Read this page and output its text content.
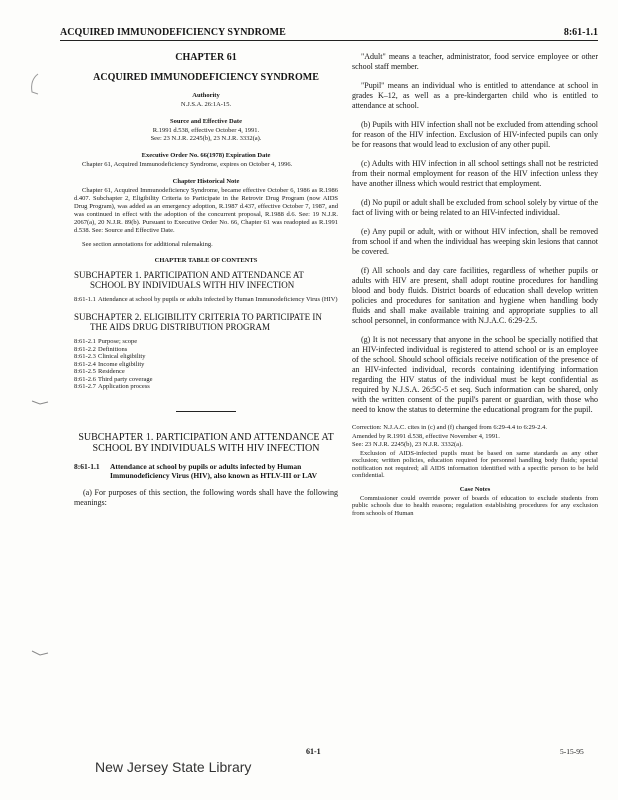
ACQUIRED IMMUNODEFICIENCY SYNDROME	8:61-1.1

CHAPTER 61

ACQUIRED IMMUNODEFICIENCY SYNDROME

Authority

N.J.S.A. 26:1A-15.

Source and Effective Date

R.1991 d.538, effective October 4, 1991.

See: 23 N.J.R. 2245(b), 23 N.J.R. 3332(a).

Executive Order No. 66(1978) Expiration Date

Chapter 61, Acquired Immunodeficiency Syndrome, expires on October 4, 1996.

Chapter Historical Note

Chapter 61, Acquired Immunodeficiency Syndrome, became effective October 6, 1986 as R.1986 d.407. Subchapter 2, Eligibility Criteria to Participate in the Retrovir Drug Program (now AIDS Drug Program), was added as an emergency adoption, R.1987 d.437, effective October 7, 1987, and was continued in effect with the adoption of the concurrent proposal, R.1988 d.6. See: 19 N.J.R. 2067(a), 20 N.J.R. 89(b). Pursuant to Executive Order No. 66, Chapter 61 was readopted as R.1991 d.538. See: Source and Effective Date.

See section annotations for additional rulemaking.

CHAPTER TABLE OF CONTENTS

SUBCHAPTER 1. PARTICIPATION AND ATTENDANCE AT SCHOOL BY INDIVIDUALS WITH HIV INFECTION

8:61-1.1 Attendance at school by pupils or adults infected by Human Immunodeficiency Virus (HIV)

SUBCHAPTER 2. ELIGIBILITY CRITERIA TO PARTICIPATE IN THE AIDS DRUG DISTRIBUTION PROGRAM

8:61-2.1 Purpose; scope
8:61-2.2 Definitions
8:61-2.3 Clinical eligibility
8:61-2.4 Income eligibility
8:61-2.5 Residence
8:61-2.6 Third party coverage
8:61-2.7 Application process

SUBCHAPTER 1. PARTICIPATION AND ATTENDANCE AT SCHOOL BY INDIVIDUALS WITH HIV INFECTION

8:61-1.1	Attendance at school by pupils or adults infected by Human Immunodeficiency Virus (HIV), also known as HTLV-III or LAV

(a) For purposes of this section, the following words shall have the following meanings:

"Adult" means a teacher, administrator, food service employee or other school staff member.

"Pupil" means an individual who is entitled to attendance at school in grades K–12, as well as a pre-kindergarten child who is entitled to attendance at school.

(b) Pupils with HIV infection shall not be excluded from attending school for reason of the HIV infection. Exclusion of HIV-infected pupils can only be for reasons that would lead to exclusion of any other pupil.

(c) Adults with HIV infection in all school settings shall not be restricted from their normal employment for reason of the HIV infection unless they have another illness which would restrict that employment.

(d) No pupil or adult shall be excluded from school solely by virtue of the fact of living with or being related to an HIV-infected individual.

(e) Any pupil or adult, with or without HIV infection, shall be removed from school if and when the individual has weeping skin lesions that cannot be covered.

(f) All schools and day care facilities, regardless of whether pupils or adults with HIV are present, shall adopt routine procedures for handling blood and body fluids. District boards of education shall develop written policies and procedures for sanitation and hygiene when handling body fluids and shall make available training and appropriate supplies to all school personnel, in conformance with N.J.A.C. 6:29-2.5.

(g) It is not necessary that anyone in the school be specially notified that an HIV-infected individual is registered to attend school or is an employee of the school. Should school officials receive notification of the presence of an HIV-infected individual, records containing identifying information regarding the HIV status of the individual must be kept confidential as required by N.J.S.A. 26:5C-5 et seq. Such information can be shared, only with the written consent of the pupil's parent or guardian, with those who need to know the status to determine the educational program for the pupil.

Correction: N.J.A.C. cites in (c) and (f) changed from 6:29-4.4 to 6:29-2.4.

Amended by R.1991 d.538, effective November 4, 1991.

See: 23 N.J.R. 2245(b), 23 N.J.R. 3332(a).

Exclusion of AIDS-infected pupils must be based on same standards as any other exclusion; written policies, education required for personnel handling body fluids; special notification not required; all AIDS information identified with a specific person to be held confidential.

Case Notes

Commissioner could override power of boards of education to exclude students from public schools due to health reasons; regulation establishing procedures for any exclusion from schools of Human

61-1	5-15-95
New Jersey State Library
